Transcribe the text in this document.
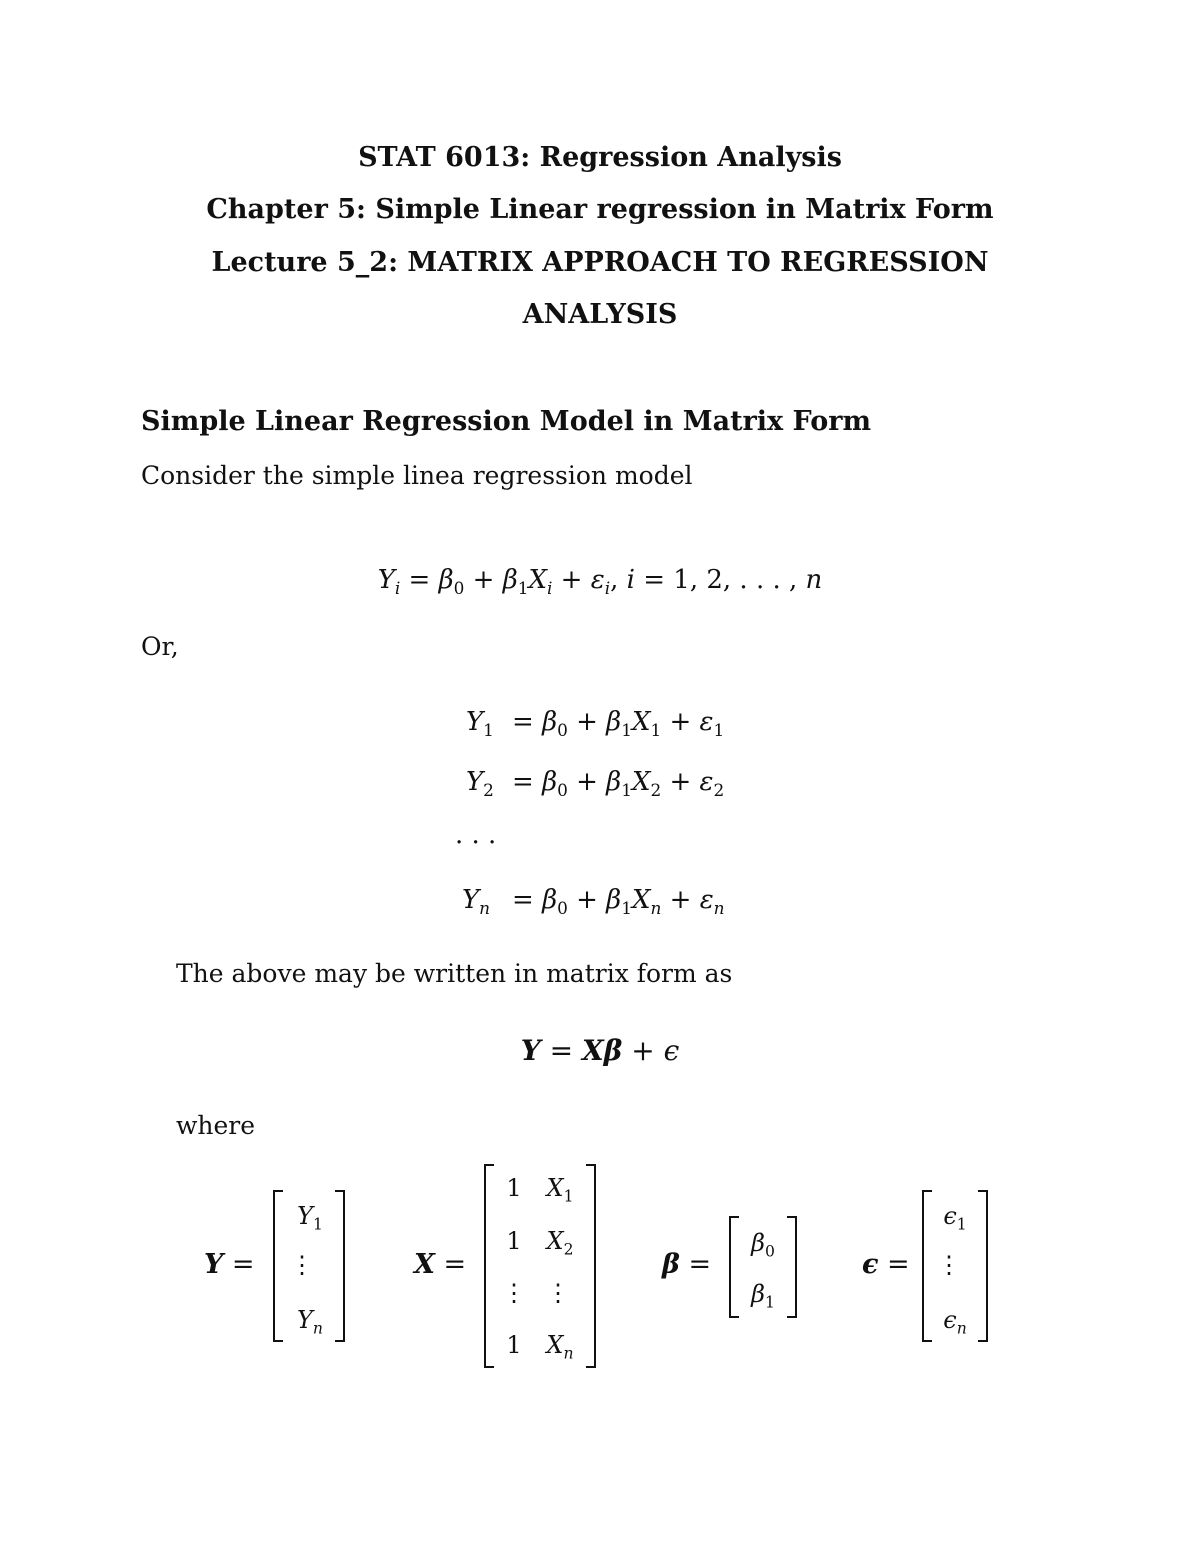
STAT 6013: Regression Analysis
Chapter 5: Simple Linear regression in Matrix Form
Lecture 5_2: MATRIX APPROACH TO REGRESSION
ANALYSIS
Simple Linear Regression Model in Matrix Form
Consider the simple linea regression model
$Y_i = \beta_0 + \beta_1X_i + \varepsilon_i$, i = 1, 2, . . . , n
Or,
$Y_1 = \beta_0 + \beta_1X_1 + \varepsilon_1$
$Y_2 = \beta_0 + \beta_1X_2 + \varepsilon_2$
· · ·
$Y_n = \beta_0 + \beta_1X_n + \varepsilon_n$
The above may be written in matrix form as
Y = Xβ + ϵ
where
Y =
$Y_1$
⋮
$Y_n$
X =
1 $X_1$
1 $X_2$
⋮ ⋮
1 $X_n$
β =
$\beta_0$
$\beta_1$
ϵ =
$\epsilon_1$
⋮
$\epsilon_n$
